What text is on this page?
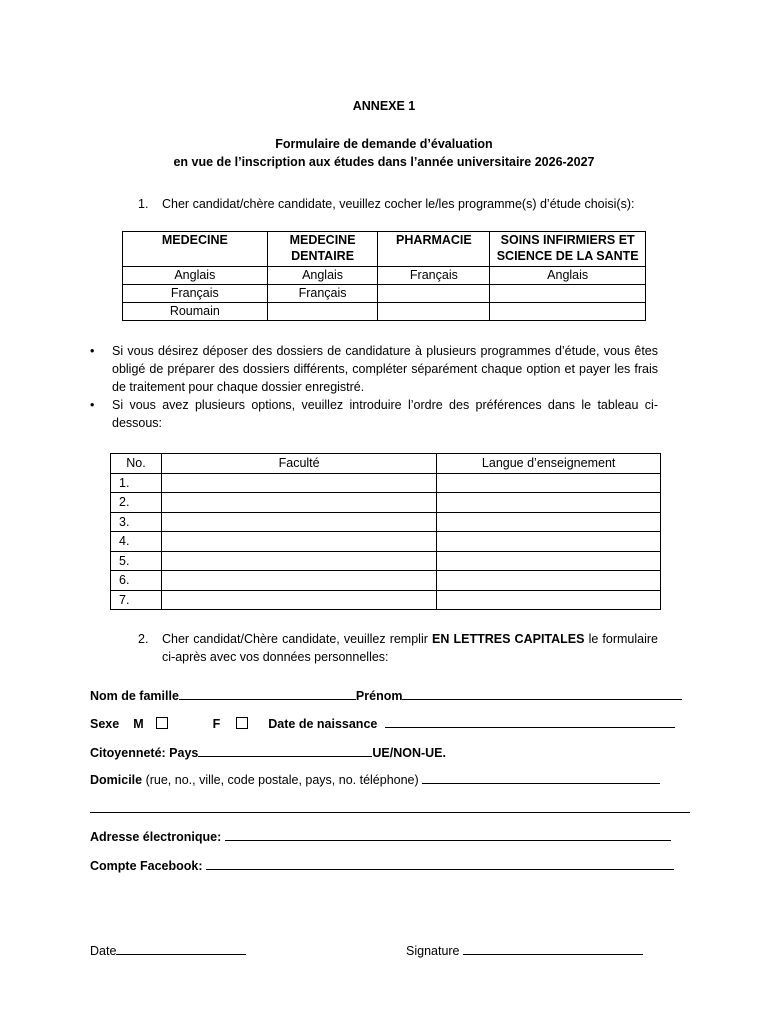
ANNEXE 1
Formulaire de demande d’évaluation
en vue de l’inscription aux études dans l’année universitaire 2026-2027
1. Cher candidat/chère candidate, veuillez cocher le/les programme(s) d’étude choisi(s):
MEDECINE	MEDECINE DENTAIRE	PHARMACIE	SOINS INFIRMIERS ET SCIENCE DE LA SANTE
Anglais	Anglais	Français	Anglais
Français	Français		
Roumain			
• Si vous désirez déposer des dossiers de candidature à plusieurs programmes d’étude, vous êtes obligé de préparer des dossiers différents, compléter séparément chaque option et payer les frais de traitement pour chaque dossier enregistré.
• Si vous avez plusieurs options, veuillez introduire l’ordre des préférences dans le tableau ci-dessous:
No.	Faculté	Langue d’enseignement
1.		
2.		
3.		
4.		
5.		
6.		
7.		
2. Cher candidat/Chère candidate, veuillez remplir EN LETTRES CAPITALES le formulaire ci-après avec vos données personnelles:
Nom de famille	Prénom
Sexe M	F	Date de naissance
Citoyenneté: Pays	UE/NON-UE.
Domicile (rue, no., ville, code postale, pays, no. téléphone)
Adresse électronique:
Compte Facebook:
Date	Signature
